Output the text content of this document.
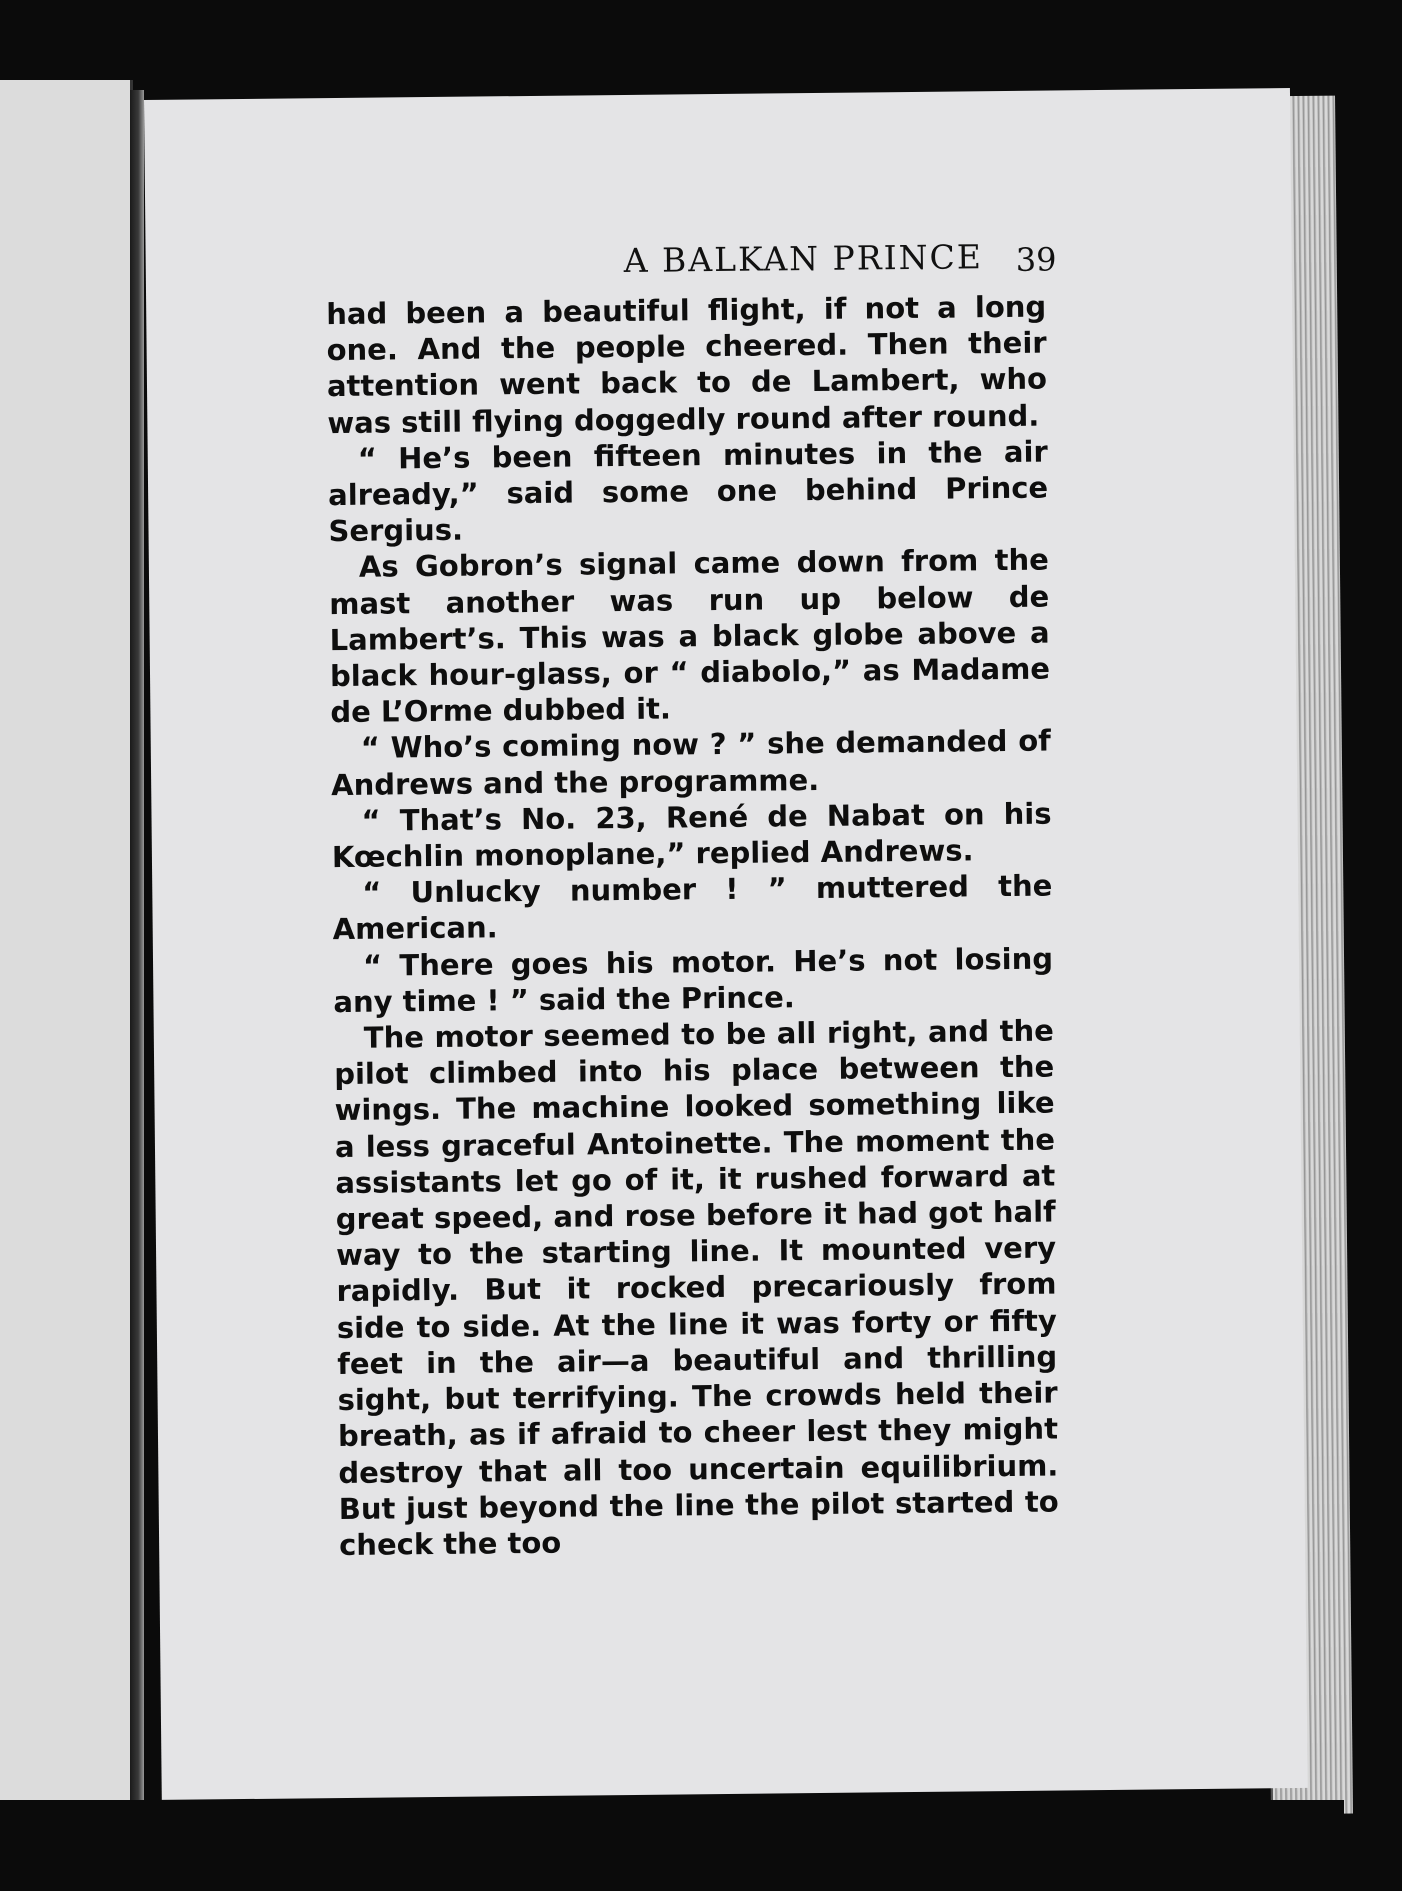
A BALKAN PRINCE 39

had been a beautiful flight, if not a long one. And the people cheered. Then their attention went back to de Lambert, who was still flying doggedly round after round.

“ He’s been fifteen minutes in the air already,” said some one behind Prince Sergius.

As Gobron’s signal came down from the mast another was run up below de Lambert’s. This was a black globe above a black hour-glass, or “ diabolo,” as Madame de L’Orme dubbed it.

“ Who’s coming now ? ” she demanded of Andrews and the programme.

“ That’s No. 23, René de Nabat on his Kœchlin monoplane,” replied Andrews.

“ Unlucky number ! ” muttered the American.

“ There goes his motor. He’s not losing any time ! ” said the Prince.

The motor seemed to be all right, and the pilot climbed into his place between the wings. The machine looked something like a less graceful Antoinette. The moment the assistants let go of it, it rushed forward at great speed, and rose before it had got half way to the starting line. It mounted very rapidly. But it rocked precariously from side to side. At the line it was forty or fifty feet in the air—a beautiful and thrilling sight, but terrifying. The crowds held their breath, as if afraid to cheer lest they might destroy that all too uncertain equilibrium. But just beyond the line the pilot started to check the too
